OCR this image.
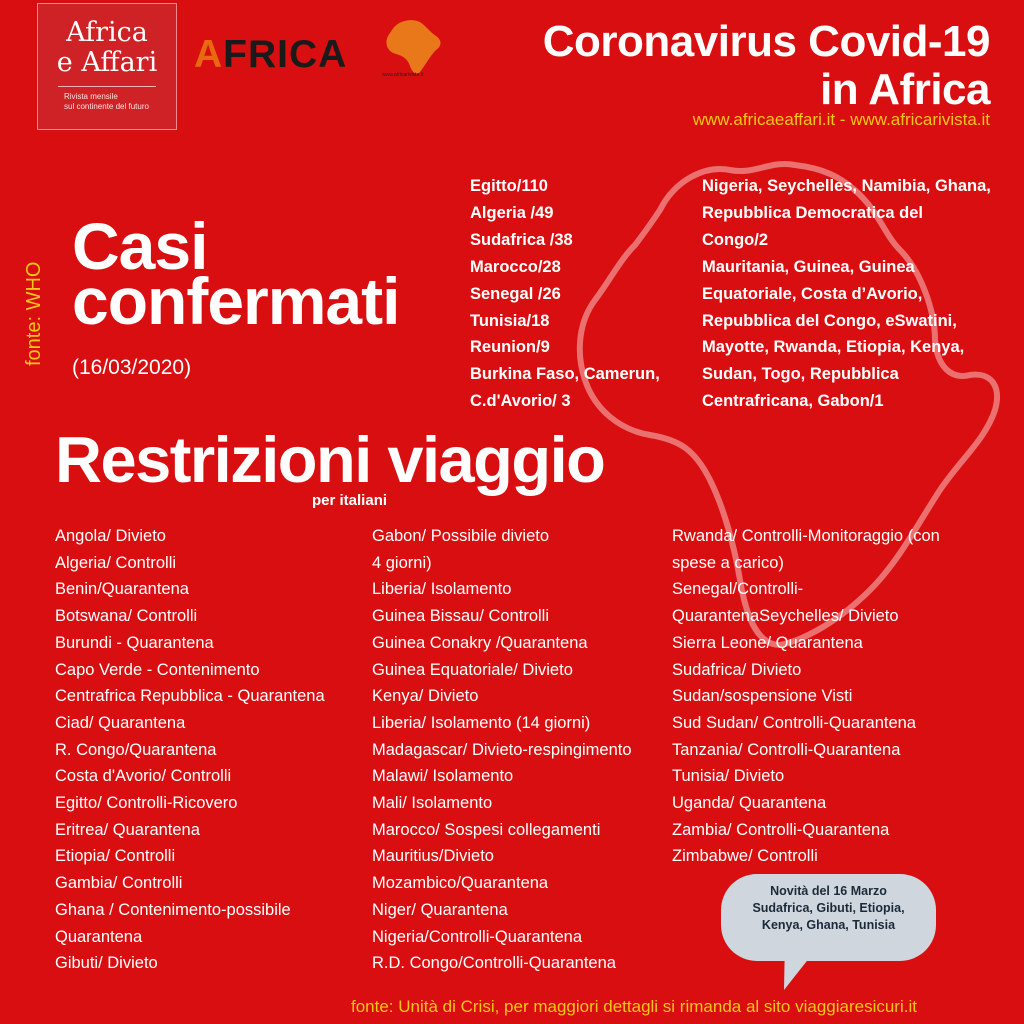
Africa
e Affari
Rivista mensile
sul continente del futuro
AFRICA	www.africarivista.it
Coronavirus Covid-19
in Africa
www.africaeaffari.it - www.africarivista.it
fonte: WHO
Casi
confermati
(16/03/2020)
Egitto/110
Algeria /49
Sudafrica /38
Marocco/28
Senegal /26
Tunisia/18
Reunion/9
Burkina Faso, Camerun,
C.d'Avorio/ 3
Nigeria, Seychelles, Namibia, Ghana,
Repubblica Democratica del
Congo/2
Mauritania, Guinea, Guinea
Equatoriale, Costa d’Avorio,
Repubblica del Congo, eSwatini,
Mayotte, Rwanda, Etiopia, Kenya,
Sudan, Togo, Repubblica
Centrafricana, Gabon/1
Restrizioni viaggio
per italiani
Angola/ Divieto
Algeria/ Controlli
Benin/Quarantena
Botswana/ Controlli
Burundi - Quarantena
Capo Verde - Contenimento
Centrafrica Repubblica - Quarantena
Ciad/ Quarantena
R. Congo/Quarantena
Costa d'Avorio/ Controlli
Egitto/ Controlli-Ricovero
Eritrea/ Quarantena
Etiopia/ Controlli
Gambia/ Controlli
Ghana / Contenimento-possibile
Quarantena
Gibuti/ Divieto
Gabon/ Possibile divieto
4 giorni)
Liberia/ Isolamento
Guinea Bissau/ Controlli
Guinea Conakry /Quarantena
Guinea Equatoriale/ Divieto
Kenya/ Divieto
Liberia/ Isolamento (14 giorni)
Madagascar/ Divieto-respingimento
Malawi/ Isolamento
Mali/ Isolamento
Marocco/ Sospesi collegamenti
Mauritius/Divieto
Mozambico/Quarantena
Niger/ Quarantena
Nigeria/Controlli-Quarantena
R.D. Congo/Controlli-Quarantena
Rwanda/ Controlli-Monitoraggio (con
spese a carico)
Senegal/Controlli-
QuarantenaSeychelles/ Divieto
Sierra Leone/ Quarantena
Sudafrica/ Divieto
Sudan/sospensione Visti
Sud Sudan/ Controlli-Quarantena
Tanzania/ Controlli-Quarantena
Tunisia/ Divieto
Uganda/ Quarantena
Zambia/ Controlli-Quarantena
Zimbabwe/ Controlli
Novità del 16 Marzo
Sudafrica, Gibuti, Etiopia,
Kenya, Ghana, Tunisia
fonte: Unità di Crisi, per maggiori dettagli si rimanda al sito viaggiaresicuri.it
